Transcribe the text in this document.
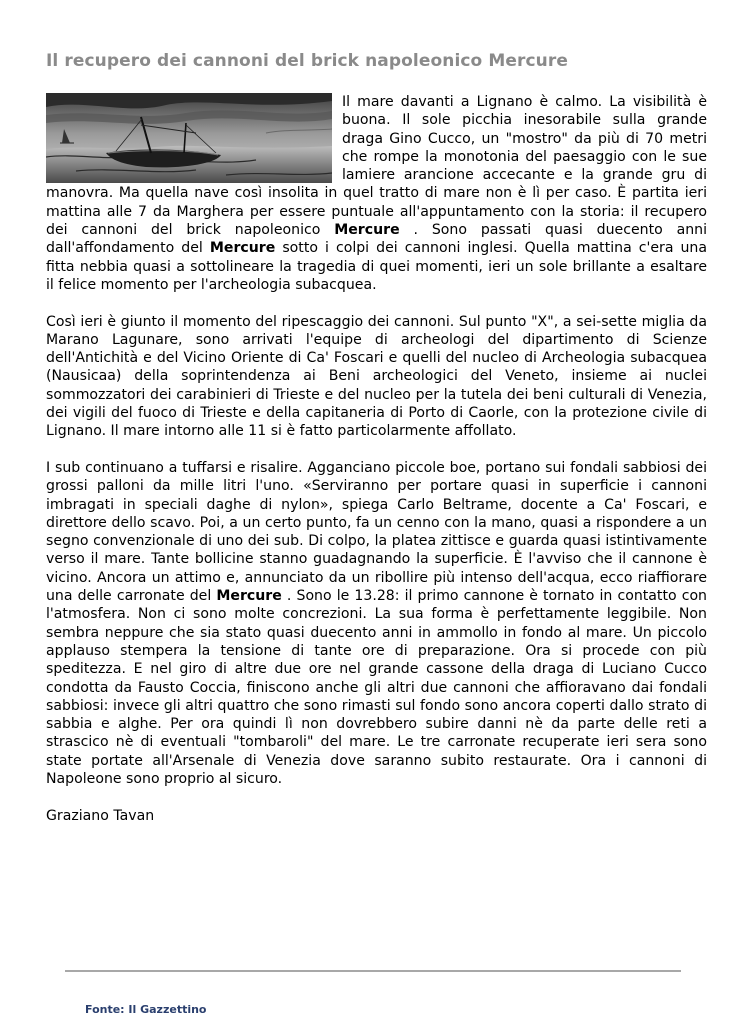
Il recupero dei cannoni del brick napoleonico Mercure

Il mare davanti a Lignano è calmo. La visibilità è buona. Il sole picchia inesorabile sulla grande draga Gino Cucco, un "mostro" da più di 70 metri che rompe la monotonia del paesaggio con le sue lamiere arancione accecante e la grande gru di manovra. Ma quella nave così insolita in quel tratto di mare non è lì per caso. È partita ieri mattina alle 7 da Marghera per essere puntuale all'appuntamento con la storia: il recupero dei cannoni del brick napoleonico Mercure . Sono passati quasi duecento anni dall'affondamento del Mercure sotto i colpi dei cannoni inglesi. Quella mattina c'era una fitta nebbia quasi a sottolineare la tragedia di quei momenti, ieri un sole brillante a esaltare il felice momento per l'archeologia subacquea.

Così ieri è giunto il momento del ripescaggio dei cannoni. Sul punto "X", a sei-sette miglia da Marano Lagunare, sono arrivati l'equipe di archeologi del dipartimento di Scienze dell'Antichità e del Vicino Oriente di Ca' Foscari e quelli del nucleo di Archeologia subacquea (Nausicaa) della soprintendenza ai Beni archeologici del Veneto, insieme ai nuclei sommozzatori dei carabinieri di Trieste e del nucleo per la tutela dei beni culturali di Venezia, dei vigili del fuoco di Trieste e della capitaneria di Porto di Caorle, con la protezione civile di Lignano. Il mare intorno alle 11 si è fatto particolarmente affollato.

I sub continuano a tuffarsi e risalire. Agganciano piccole boe, portano sui fondali sabbiosi dei grossi palloni da mille litri l'uno. «Serviranno per portare quasi in superficie i cannoni imbragati in speciali daghe di nylon», spiega Carlo Beltrame, docente a Ca' Foscari, e direttore dello scavo. Poi, a un certo punto, fa un cenno con la mano, quasi a rispondere a un segno convenzionale di uno dei sub. Di colpo, la platea zittisce e guarda quasi istintivamente verso il mare. Tante bollicine stanno guadagnando la superficie. È l'avviso che il cannone è vicino. Ancora un attimo e, annunciato da un ribollire più intenso dell'acqua, ecco riaffiorare una delle carronate del Mercure . Sono le 13.28: il primo cannone è tornato in contatto con l'atmosfera. Non ci sono molte concrezioni. La sua forma è perfettamente leggibile. Non sembra neppure che sia stato quasi duecento anni in ammollo in fondo al mare. Un piccolo applauso stempera la tensione di tante ore di preparazione. Ora si procede con più speditezza. E nel giro di altre due ore nel grande cassone della draga di Luciano Cucco condotta da Fausto Coccia, finiscono anche gli altri due cannoni che affioravano dai fondali sabbiosi: invece gli altri quattro che sono rimasti sul fondo sono ancora coperti dallo strato di sabbia e alghe. Per ora quindi lì non dovrebbero subire danni nè da parte delle reti a strascico nè di eventuali "tombaroli" del mare. Le tre carronate recuperate ieri sera sono state portate all'Arsenale di Venezia dove saranno subito restaurate. Ora i cannoni di Napoleone sono proprio al sicuro.

Graziano Tavan

Fonte: Il Gazzettino
